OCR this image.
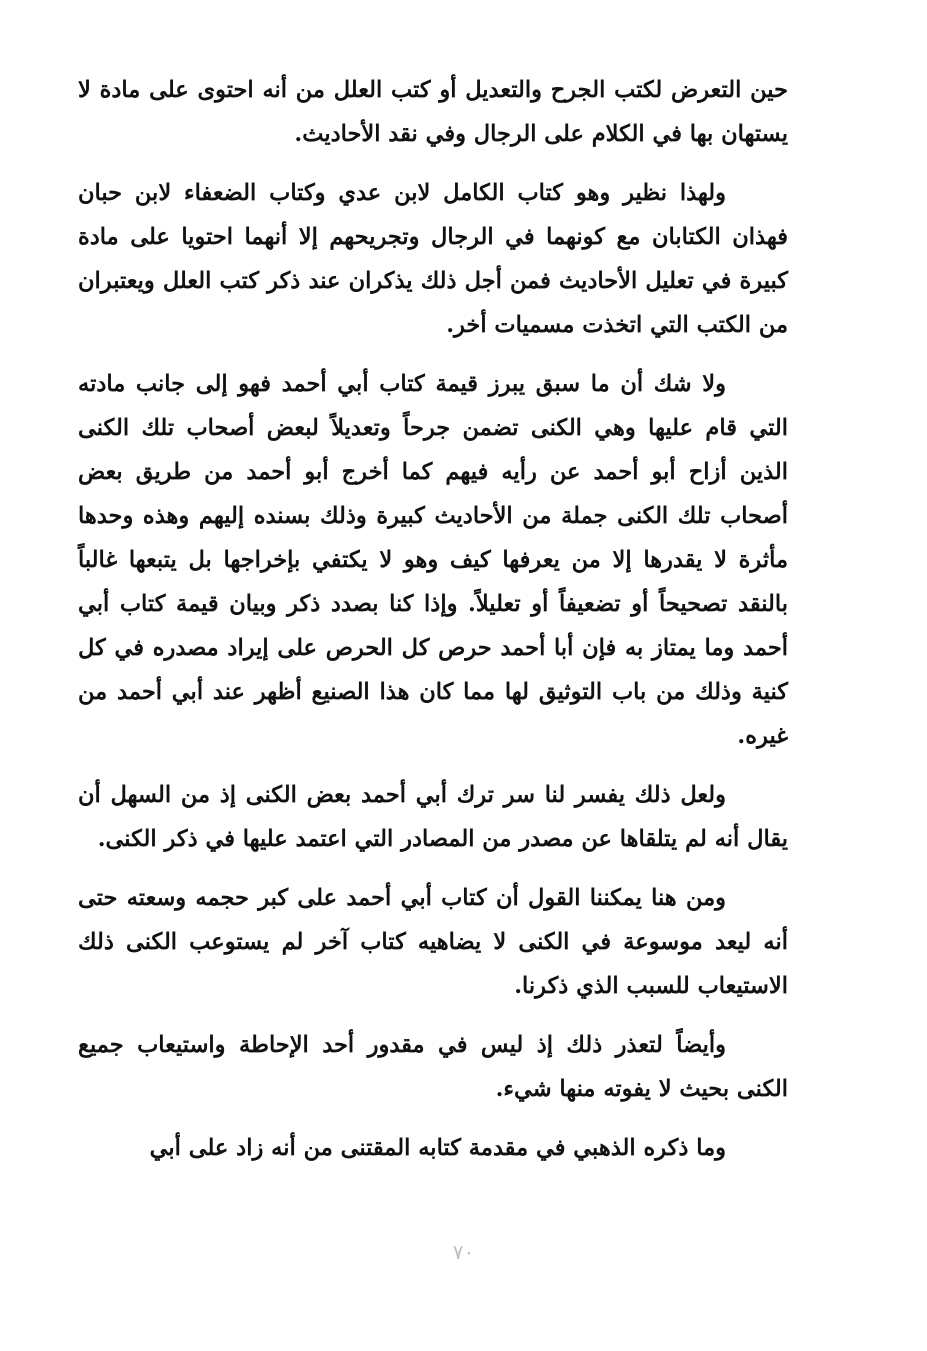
حين التعرض لكتب الجرح والتعديل أو كتب العلل من أنه احتوى على مادة لا يستهان بها في الكلام على الرجال وفي نقد الأحاديث.

ولهذا نظير وهو كتاب الكامل لابن عدي وكتاب الضعفاء لابن حبان فهذان الكتابان مع كونهما في الرجال وتجريحهم إلا أنهما احتويا على مادة كبيرة في تعليل الأحاديث فمن أجل ذلك يذكران عند ذكر كتب العلل ويعتبران من الكتب التي اتخذت مسميات أخر.

ولا شك أن ما سبق يبرز قيمة كتاب أبي أحمد فهو إلى جانب مادته التي قام عليها وهي الكنى تضمن جرحاً وتعديلاً لبعض أصحاب تلك الكنى الذين أزاح أبو أحمد عن رأيه فيهم كما أخرج أبو أحمد من طريق بعض أصحاب تلك الكنى جملة من الأحاديث كبيرة وذلك بسنده إليهم وهذه وحدها مأثرة لا يقدرها إلا من يعرفها كيف وهو لا يكتفي بإخراجها بل يتبعها غالباً بالنقد تصحيحاً أو تضعيفاً أو تعليلاً. وإذا كنا بصدد ذكر وبيان قيمة كتاب أبي أحمد وما يمتاز به فإن أبا أحمد حرص كل الحرص على إيراد مصدره في كل كنية وذلك من باب التوثيق لها مما كان هذا الصنيع أظهر عند أبي أحمد من غيره.

ولعل ذلك يفسر لنا سر ترك أبي أحمد بعض الكنى إذ من السهل أن يقال أنه لم يتلقاها عن مصدر من المصادر التي اعتمد عليها في ذكر الكنى.

ومن هنا يمكننا القول أن كتاب أبي أحمد على كبر حجمه وسعته حتى أنه ليعد موسوعة في الكنى لا يضاهيه كتاب آخر لم يستوعب الكنى ذلك الاستيعاب للسبب الذي ذكرنا.

وأيضاً لتعذر ذلك إذ ليس في مقدور أحد الإحاطة واستيعاب جميع الكنى بحيث لا يفوته منها شيء.

وما ذكره الذهبي في مقدمة كتابه المقتنى من أنه زاد على أبي

٧٠
